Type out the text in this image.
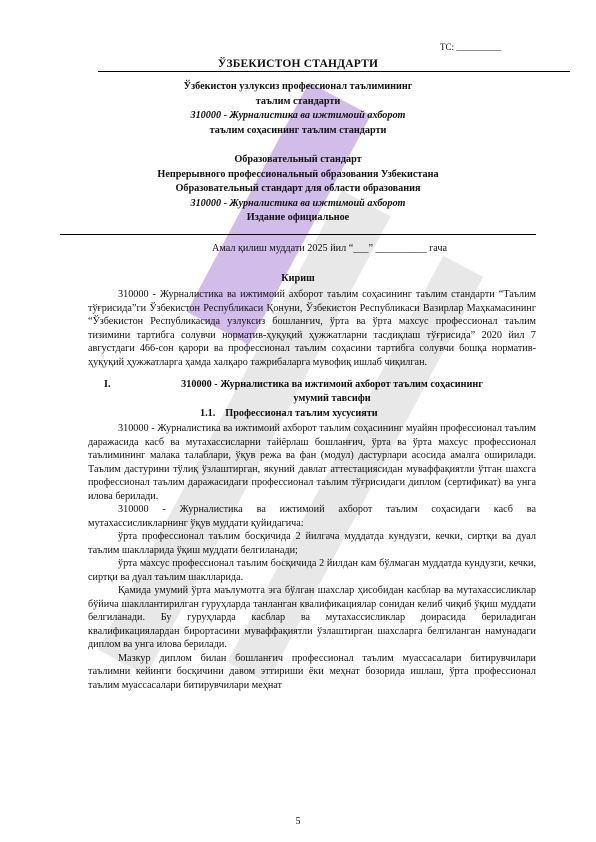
ТС: __________
ЎЗБЕКИСТОН СТАНДАРТИ
Ўзбекистон узлуксиз профессионал таълимининг
таълим стандарти
310000 - Журналистика ва ижтимоий ахборот
таълим соҳасининг таълим стандарти
Образовательный стандарт
Непрерывного профессиональный образования Узбекистана
Образовательный стандарт для области образования
310000 - Журналистика ва ижтимоий ахборот
Издание официальное
Амал қилиш муддати 2025 йил “___” __________ гача
Кириш

310000 - Журналистика ва ижтимоий ахборот таълим соҳасининг таълим стандарти “Таълим тўғрисида”ги Ўзбекистон Республикаси Қонуни, Ўзбекистон Республикаси Вазирлар Маҳкамасининг “Ўзбекистон Республикасида узлуксиз бошланғич, ўрта ва ўрта махсус профессионал таълим тизимини тартибга солувчи норматив-ҳуқуқий ҳужжатларни тасдиқлаш тўғрисида” 2020 йил 7 августдаги 466-сон қарори ва профессионал таълим соҳасини тартибга солувчи бошқа норматив-ҳуқуқий ҳужжатларга ҳамда халқаро тажрибаларга мувофиқ ишлаб чиқилган.

I.	310000 - Журналистика ва ижтимоий ахборот таълим соҳасининг
умумий тавсифи
1.1. Профессионал таълим хусусияти

310000 - Журналистика ва ижтимоий ахборот таълим соҳасининг муайян профессионал таълим даражасида касб ва мутахассисларни тайёрлаш бошланғич, ўрта ва ўрта махсус профессионал таълимининг малака талаблари, ўқув режа ва фан (модул) дастурлари асосида амалга оширилади. Таълим дастурини тўлиқ ўзлаштирган, якуний давлат аттестациясидан муваффақиятли ўтган шахсга профессионал таълим даражасидаги профессионал таълим тўғрисидаги диплом (сертификат) ва унга илова берилади.

310000 - Журналистика ва ижтимоий ахборот таълим соҳасидаги касб ва мутахассисликларнинг ўқув муддати қуйидагича:

ўрта профессионал таълим босқичида 2 йилгача муддатда кундузги, кечки, сиртқи ва дуал таълим шаклларида ўқиш муддати белгиланади;

ўрта махсус профессионал таълим босқичида 2 йилдан кам бўлмаган муддатда кундузги, кечки, сиртқи ва дуал таълим шаклларида.

Қамида умумий ўрта маълумотга эга бўлган шахслар ҳисобидан касблар ва мутахассисликлар бўйича шакллантирилган гуруҳларда танланган квалификациялар сонидан келиб чиқиб ўқиш муддати белгиланади. Бу гуруҳларда касблар ва мутахассисликлар доирасида бериладиган квалификациялардан бирортасини муваффақиятли ўзлаштирган шахсларга белгиланган намунадаги диплом ва унга илова берилади.

Мазкур диплом билан бошланғич профессионал таълим муассасалари битирувчилари таълимни кейинги босқичини давом эттириши ёки меҳнат бозорида ишлаш, ўрта профессионал таълим муассасалари битирувчилари меҳнат

5
